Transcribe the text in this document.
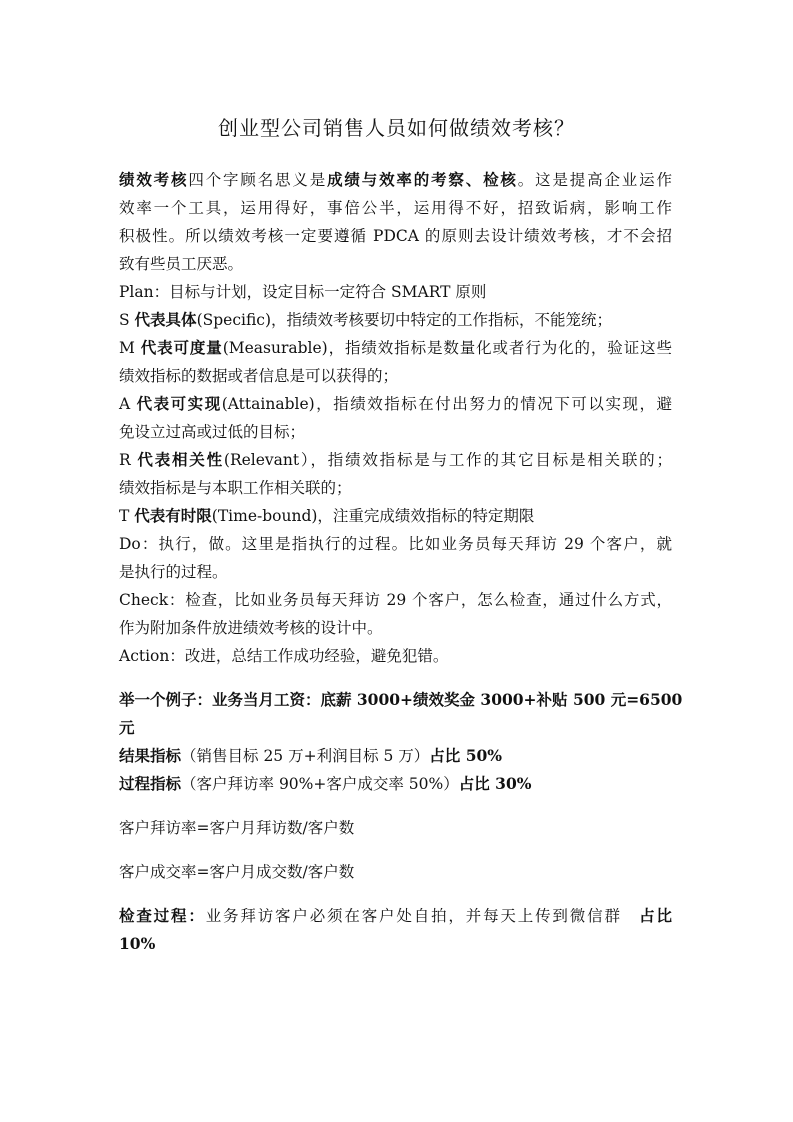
创业型公司销售人员如何做绩效考核？
绩效考核四个字顾名思义是成绩与效率的考察、检核。这是提高企业运作
效率一个工具，运用得好，事倍公半，运用得不好，招致诟病，影响工作
积极性。所以绩效考核一定要遵循 PDCA 的原则去设计绩效考核，才不会招
致有些员工厌恶。
Plan：目标与计划，设定目标一定符合 SMART 原则
S 代表具体(Specific)，指绩效考核要切中特定的工作指标，不能笼统；
M 代表可度量(Measurable)，指绩效指标是数量化或者行为化的，验证这些
绩效指标的数据或者信息是可以获得的；
A 代表可实现(Attainable)，指绩效指标在付出努力的情况下可以实现，避
免设立过高或过低的目标；
R 代表相关性(Relevant），指绩效指标是与工作的其它目标是相关联的；
绩效指标是与本职工作相关联的；
T 代表有时限(Time-bound)，注重完成绩效指标的特定期限
Do：执行，做。这里是指执行的过程。比如业务员每天拜访 29 个客户，就
是执行的过程。
Check：检查，比如业务员每天拜访 29 个客户，怎么检查，通过什么方式，
作为附加条件放进绩效考核的设计中。
Action：改进，总结工作成功经验，避免犯错。
举一个例子：业务当月工资：底薪 3000+绩效奖金 3000+补贴 500 元=6500
元
结果指标（销售目标 25 万+利润目标 5 万）占比 50%
过程指标（客户拜访率 90%+客户成交率 50%）占比 30%
客户拜访率=客户月拜访数/客户数
客户成交率=客户月成交数/客户数
检查过程：业务拜访客户必须在客户处自拍，并每天上传到微信群　占比
10%
